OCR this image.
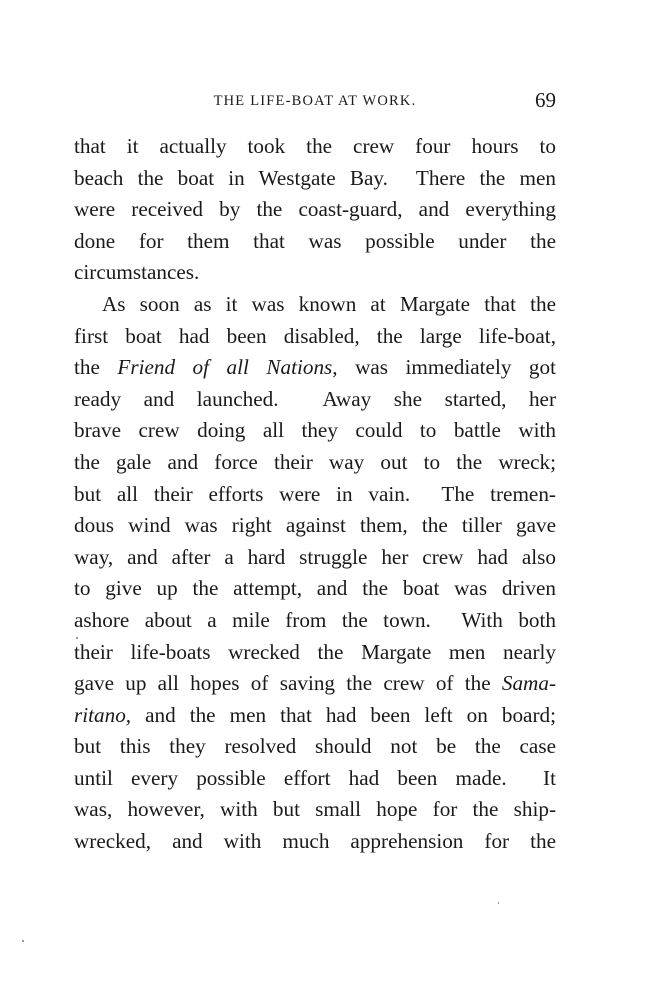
THE LIFE-BOAT AT WORK.	69
that it actually took the crew four hours to
beach the boat in Westgate Bay.  There the men
were received by the coast-guard, and everything
done for them that was possible under the
circumstances.
As soon as it was known at Margate that the
first boat had been disabled, the large life-boat,
the Friend of all Nations, was immediately got
ready and launched.  Away she started, her
brave crew doing all they could to battle with
the gale and force their way out to the wreck;
but all their efforts were in vain.  The tremen-
dous wind was right against them, the tiller gave
way, and after a hard struggle her crew had also
to give up the attempt, and the boat was driven
ashore about a mile from the town.  With both
their life-boats wrecked the Margate men nearly
gave up all hopes of saving the crew of the Sama-
ritano, and the men that had been left on board;
but this they resolved should not be the case
until every possible effort had been made.  It
was, however, with but small hope for the ship-
wrecked, and with much apprehension for the
